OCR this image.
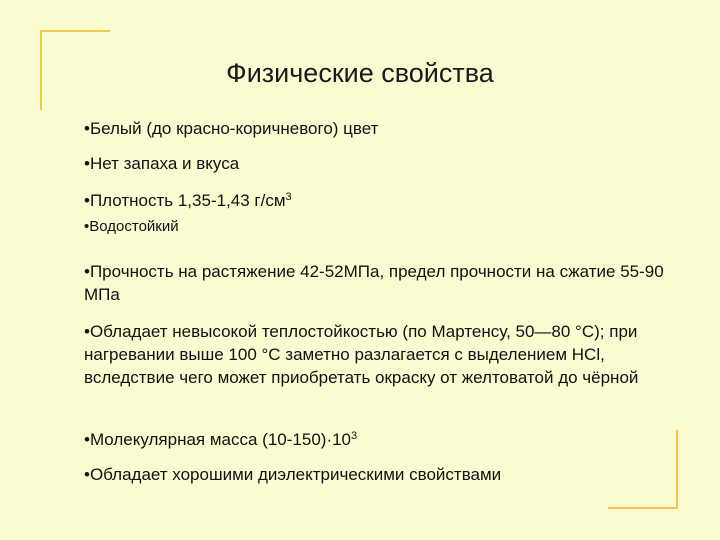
Физические свойства
•Белый (до красно-коричневого) цвет
•Нет запаха и вкуса
•Плотность 1,35-1,43 $г/см^3$
•Водостойкий
•Прочность на растяжение 42-52МПа, предел прочности на сжатие 55-90 МПа
•Обладает невысокой теплостойкостью (по Мартенсу, 50—80 °С); при нагревании выше 100 °С заметно разлагается с выделением НСl, вследствие чего может приобретать окраску от желтоватой до чёрной
•Молекулярная масса $(10-150)\cdot 10^3$
•Обладает хорошими диэлектрическими свойствами
